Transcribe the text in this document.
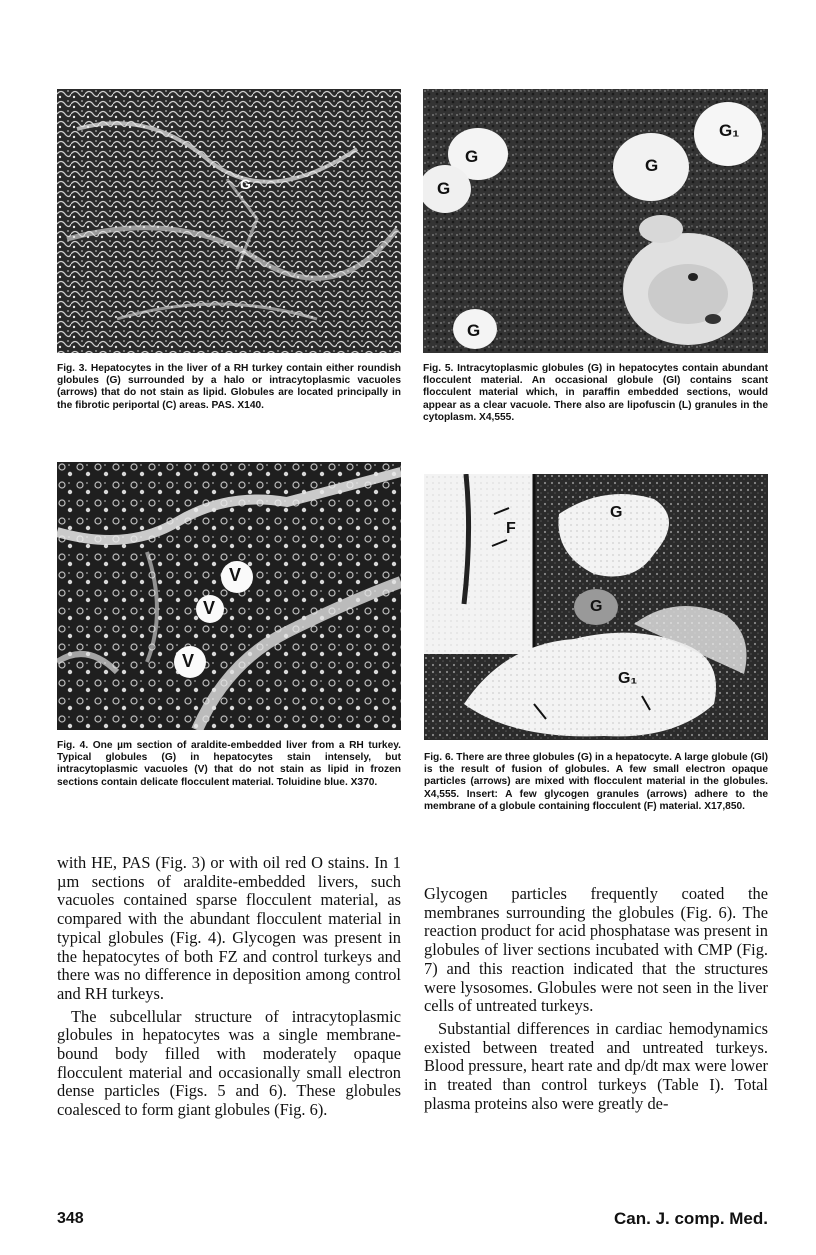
G

Fig. 3. Hepatocytes in the liver of a RH turkey contain either roundish globules (G) surrounded by a halo or intracytoplasmic vacuoles (arrows) that do not stain as lipid. Globules are located principally in the fibrotic periportal (C) areas. PAS. X140.

G
G
G
G
G₁

Fig. 5. Intracytoplasmic globules (G) in hepatocytes contain abundant flocculent material. An occasional globule (Gl) contains scant flocculent material which, in paraffin embedded sections, would appear as a clear vacuole. There also are lipofuscin (L) granules in the cytoplasm. X4,555.

V
V
V

Fig. 4. One µm section of araldite-embedded liver from a RH turkey. Typical globules (G) in hepatocytes stain intensely, but intracytoplasmic vacuoles (V) that do not stain as lipid in frozen sections contain delicate flocculent material. Toluidine blue. X370.

G
G
G₁
F

Fig. 6. There are three globules (G) in a hepatocyte. A large globule (Gl) is the result of fusion of globules. A few small electron opaque particles (arrows) are mixed with flocculent material in the globules. X4,555. Insert: A few glycogen granules (arrows) adhere to the membrane of a globule containing flocculent (F) material. X17,850.

with HE, PAS (Fig. 3) or with oil red O stains. In 1 µm sections of araldite-embedded livers, such vacuoles contained sparse flocculent material, as compared with the abundant flocculent material in typical globules (Fig. 4). Glycogen was present in the hepatocytes of both FZ and control turkeys and there was no difference in deposition among control and RH turkeys.

The subcellular structure of intracytoplasmic globules in hepatocytes was a single membrane-bound body filled with moderately opaque flocculent material and occasionally small electron dense particles (Figs. 5 and 6). These globules coalesced to form giant globules (Fig. 6).

Glycogen particles frequently coated the membranes surrounding the globules (Fig. 6). The reaction product for acid phosphatase was present in globules of liver sections incubated with CMP (Fig. 7) and this reaction indicated that the structures were lysosomes. Globules were not seen in the liver cells of untreated turkeys.

Substantial differences in cardiac hemodynamics existed between treated and untreated turkeys. Blood pressure, heart rate and dp/dt max were lower in treated than control turkeys (Table I). Total plasma proteins also were greatly de-

348	Can. J. comp. Med.
